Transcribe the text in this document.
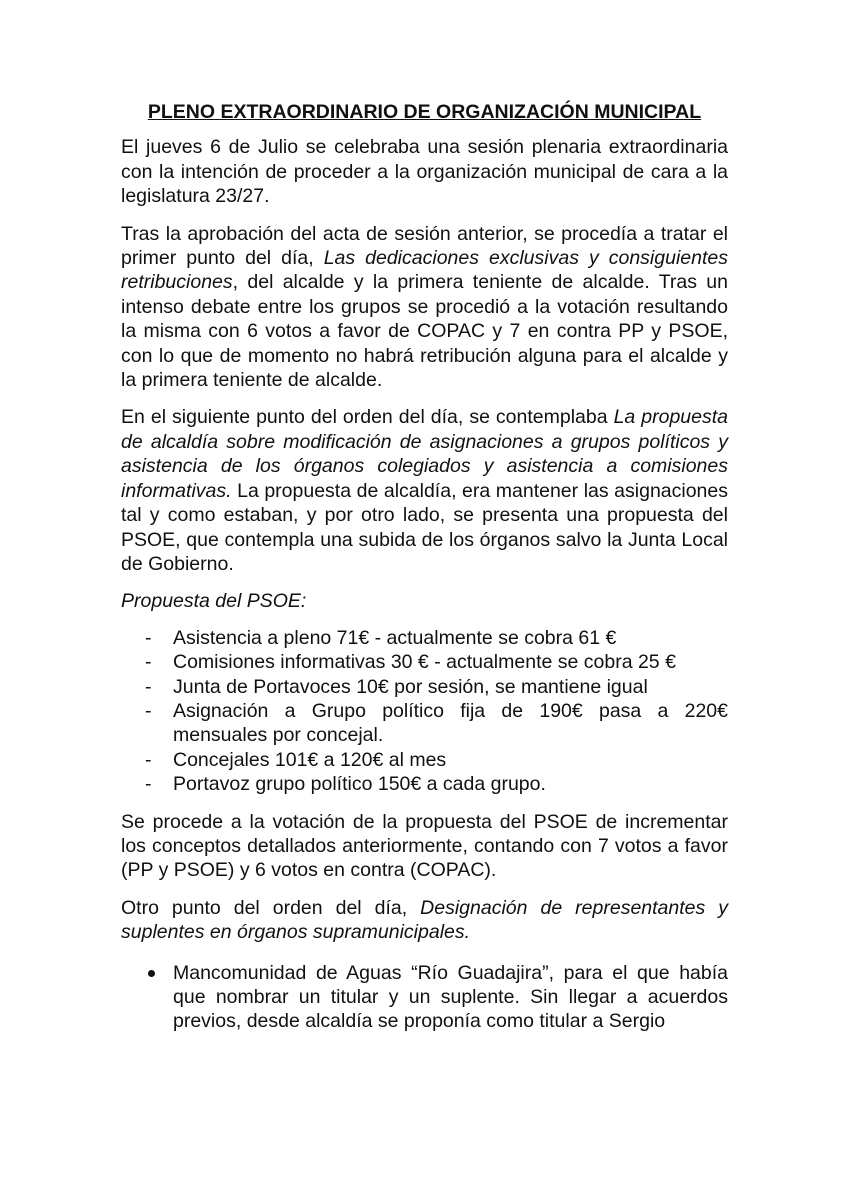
PLENO EXTRAORDINARIO DE ORGANIZACIÓN MUNICIPAL

El jueves 6 de Julio se celebraba una sesión plenaria extraordinaria con la intención de proceder a la organización municipal de cara a la legislatura 23/27.

Tras la aprobación del acta de sesión anterior, se procedía a tratar el primer punto del día, Las dedicaciones exclusivas y consiguientes retribuciones, del alcalde y la primera teniente de alcalde. Tras un intenso debate entre los grupos se procedió a la votación resultando la misma con 6 votos a favor de COPAC y 7 en contra PP y PSOE, con lo que de momento no habrá retribución alguna para el alcalde y la primera teniente de alcalde.

En el siguiente punto del orden del día, se contemplaba La propuesta de alcaldía sobre modificación de asignaciones a grupos políticos y asistencia de los órganos colegiados y asistencia a comisiones informativas. La propuesta de alcaldía, era mantener las asignaciones tal y como estaban, y por otro lado, se presenta una propuesta del PSOE, que contempla una subida de los órganos salvo la Junta Local de Gobierno.

Propuesta del PSOE:

- Asistencia a pleno 71€ - actualmente se cobra 61 €
- Comisiones informativas 30 € - actualmente se cobra 25 €
- Junta de Portavoces 10€ por sesión, se mantiene igual
- Asignación a Grupo político fija de 190€ pasa a 220€ mensuales por concejal.
- Concejales 101€ a 120€ al mes
- Portavoz grupo político 150€ a cada grupo.

Se procede a la votación de la propuesta del PSOE de incrementar los conceptos detallados anteriormente, contando con 7 votos a favor (PP y PSOE) y 6 votos en contra (COPAC).

Otro punto del orden del día, Designación de representantes y suplentes en órganos supramunicipales.

Mancomunidad de Aguas “Río Guadajira”, para el que había que nombrar un titular y un suplente. Sin llegar a acuerdos previos, desde alcaldía se proponía como titular a Sergio
